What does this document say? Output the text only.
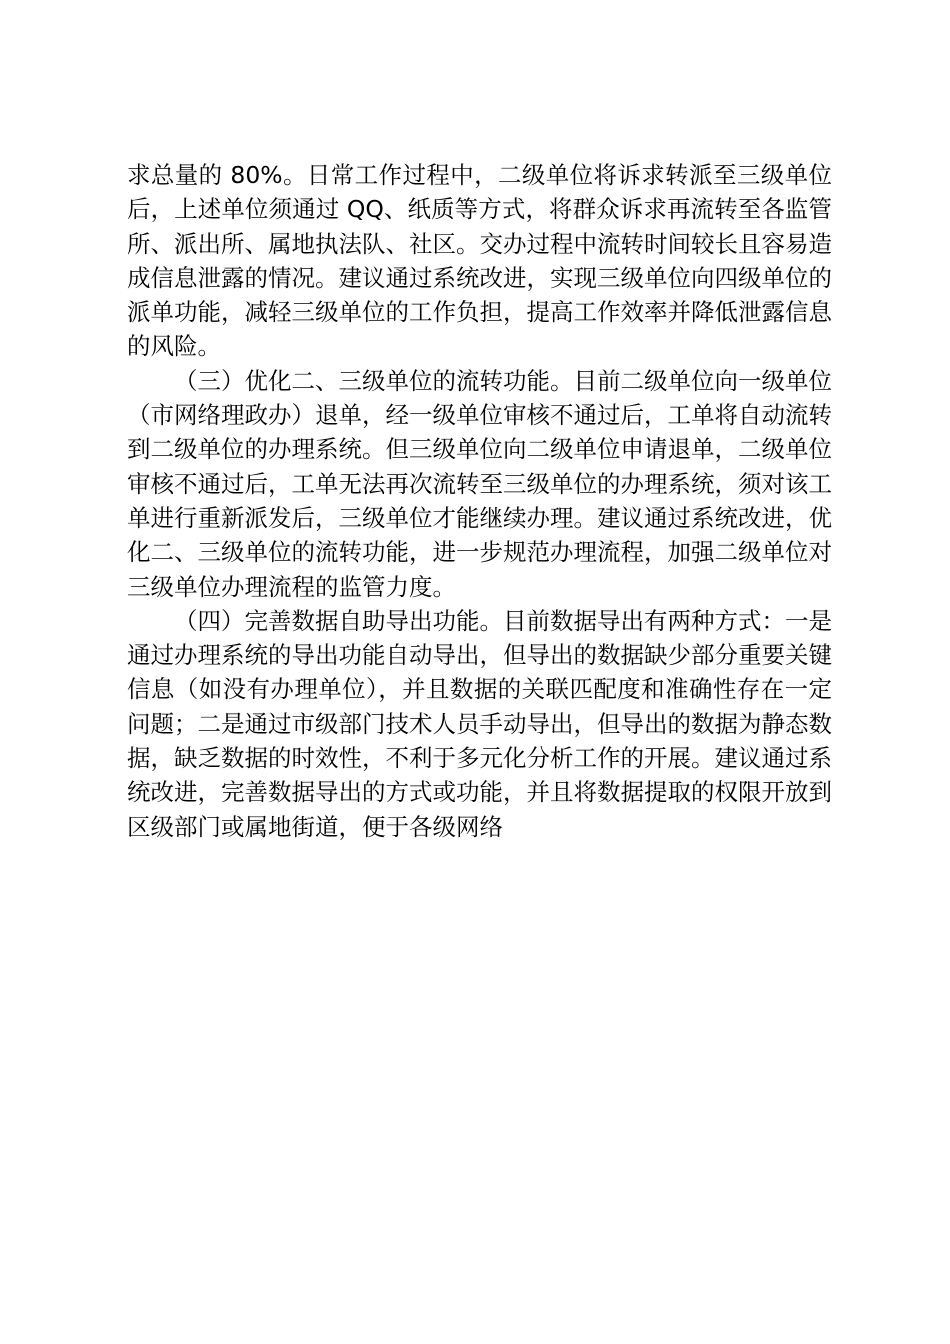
求总量的 80%。日常工作过程中，二级单位将诉求转派至三级单位后，上述单位须通过 QQ、纸质等方式，将群众诉求再流转至各监管所、派出所、属地执法队、社区。交办过程中流转时间较长且容易造成信息泄露的情况。建议通过系统改进，实现三级单位向四级单位的派单功能，减轻三级单位的工作负担，提高工作效率并降低泄露信息的风险。

（三）优化二、三级单位的流转功能。目前二级单位向一级单位（市网络理政办）退单，经一级单位审核不通过后，工单将自动流转到二级单位的办理系统。但三级单位向二级单位申请退单，二级单位审核不通过后，工单无法再次流转至三级单位的办理系统，须对该工单进行重新派发后，三级单位才能继续办理。建议通过系统改进，优化二、三级单位的流转功能，进一步规范办理流程，加强二级单位对三级单位办理流程的监管力度。

（四）完善数据自助导出功能。目前数据导出有两种方式：一是通过办理系统的导出功能自动导出，但导出的数据缺少部分重要关键信息（如没有办理单位），并且数据的关联匹配度和准确性存在一定问题；二是通过市级部门技术人员手动导出，但导出的数据为静态数据，缺乏数据的时效性，不利于多元化分析工作的开展。建议通过系统改进，完善数据导出的方式或功能，并且将数据提取的权限开放到区级部门或属地街道，便于各级网络
